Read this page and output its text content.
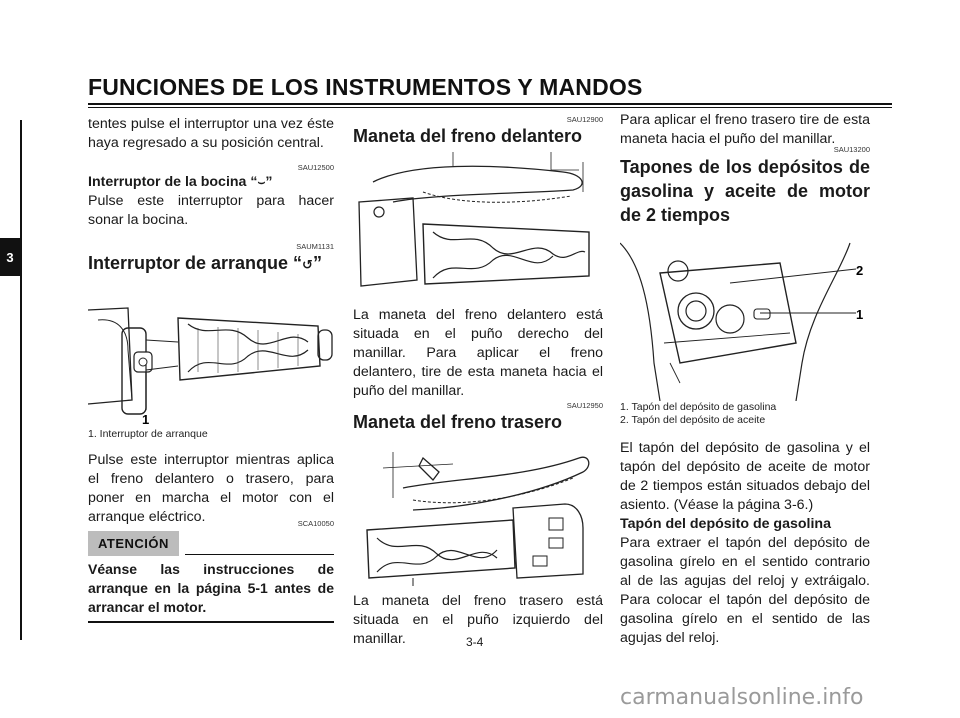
FUNCIONES DE LOS INSTRUMENTOS Y MANDOS
3

tentes pulse el interruptor una vez éste haya regresado a su posición central.

SAU12500

Interruptor de la bocina “⌣”

Pulse este interruptor para hacer sonar la bocina.

SAUM1131

Interruptor de arranque “↺”

1

1. Interruptor de arranque

Pulse este interruptor mientras aplica el freno delantero o trasero, para poner en marcha el motor con el arranque eléctrico.	SCA10050

ATENCIÓN

Véanse las instrucciones de arranque en la página 5-1 antes de arrancar el motor.

SAU12900

Maneta del freno delantero

La maneta del freno delantero está situada en el puño derecho del manillar. Para aplicar el freno delantero, tire de esta maneta hacia el puño del manillar.

SAU12950

Maneta del freno trasero

La maneta del freno trasero está situada en el puño izquierdo del manillar.

Para aplicar el freno trasero tire de esta maneta hacia el puño del manillar.

SAU13200

Tapones de los depósitos de gasolina y aceite de motor de 2 tiempos

2
1

1. Tapón del depósito de gasolina

2. Tapón del depósito de aceite

El tapón del depósito de gasolina y el tapón del depósito de aceite de motor de 2 tiempos están situados debajo del asiento. (Véase la página 3-6.)

Tapón del depósito de gasolina

Para extraer el tapón del depósito de gasolina gírelo en el sentido contrario al de las agujas del reloj y extráigalo. Para colocar el tapón del depósito de gasolina gírelo en el sentido de las agujas del reloj.

3-4
carmanualsonline.info
